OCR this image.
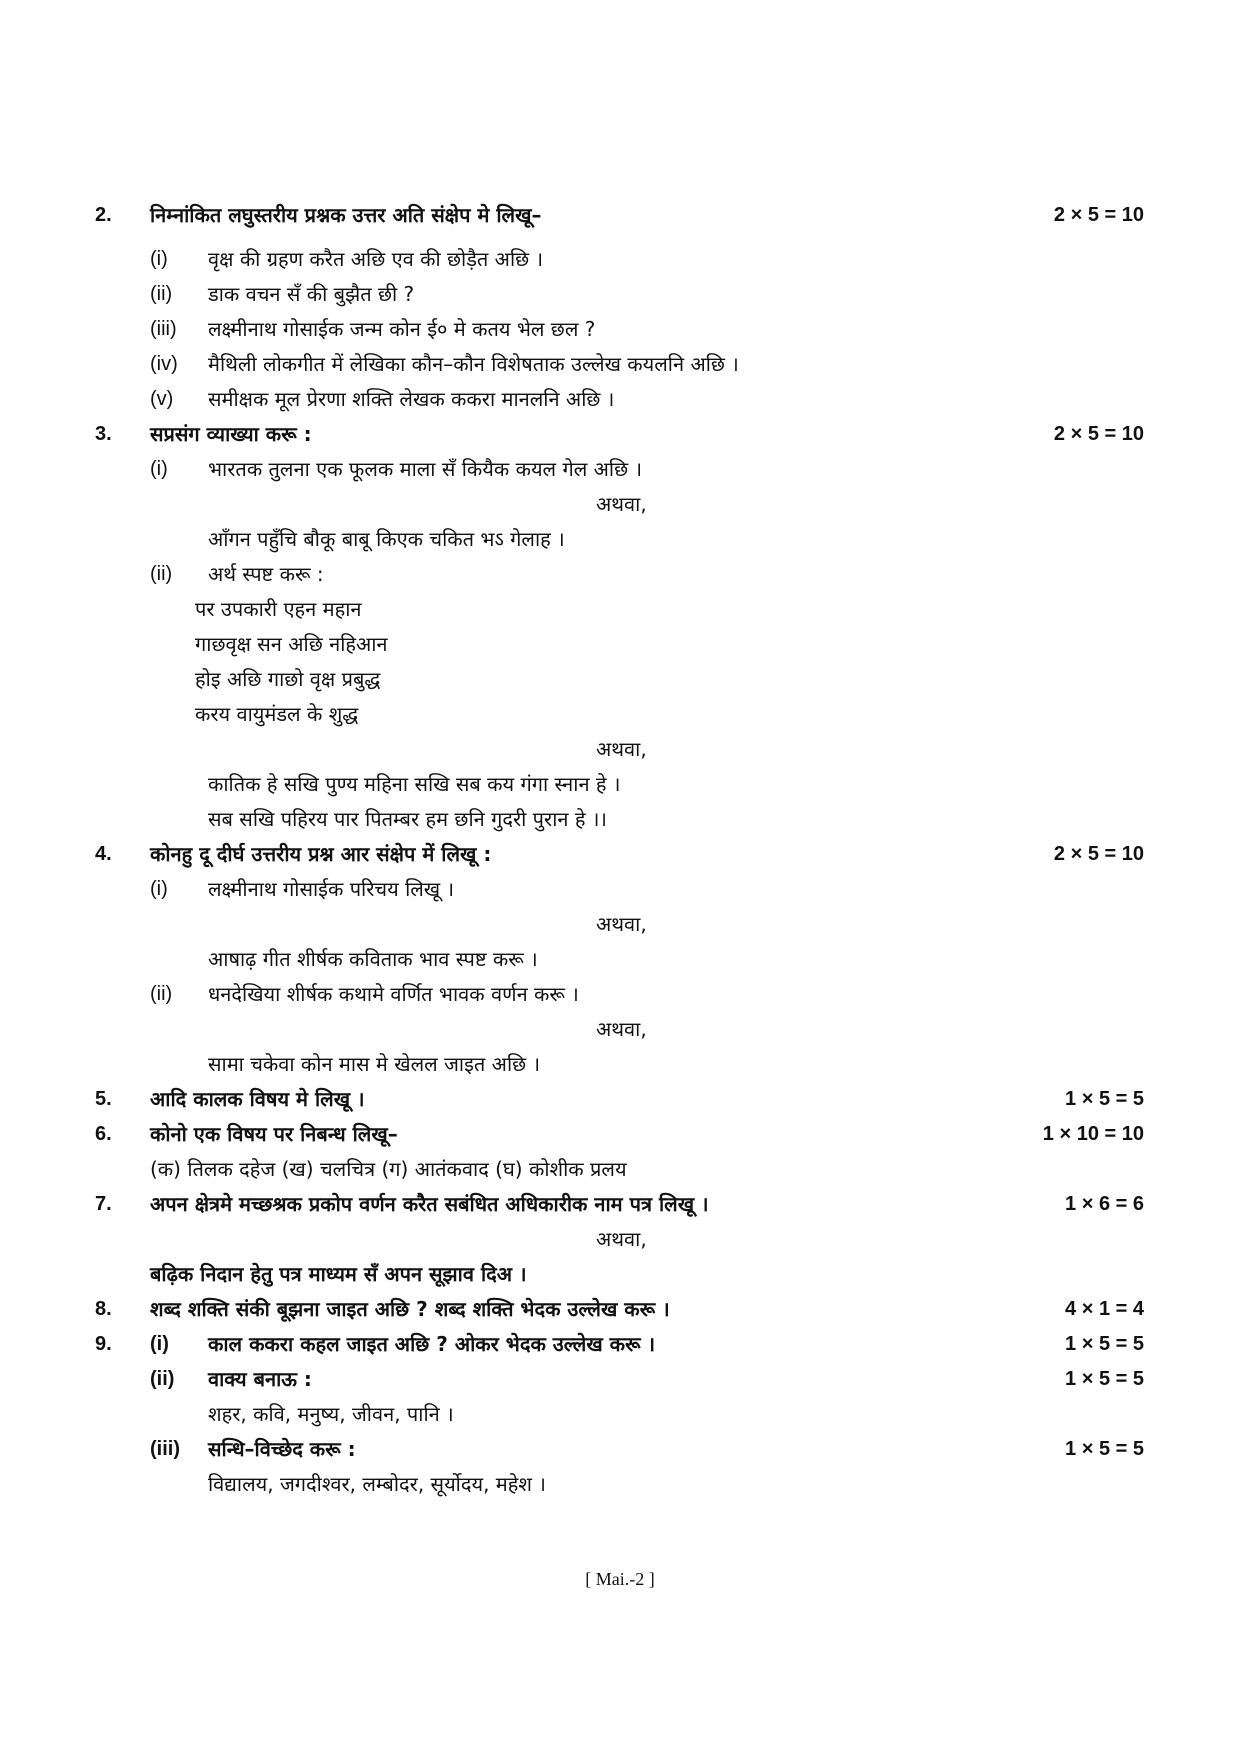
2. निम्नांकित लघुस्तरीय प्रश्नक उत्तर अति संक्षेप मे लिखू–	2 × 5 = 10
(i) वृक्ष की ग्रहण करैत अछि एव की छोड़ैत अछि ।
(ii) डाक वचन सँ की बुझैत छी ?
(iii) लक्ष्मीनाथ गोसाईक जन्म कोन ई० मे कतय भेल छल ?
(iv) मैथिली लोकगीत में लेखिका कौन–कौन विशेषताक उल्लेख कयलनि अछि ।
(v) समीक्षक मूल प्रेरणा शक्ति लेखक ककरा मानलनि अछि ।
3. सप्रसंग व्याख्या करू :	2 × 5 = 10
(i) भारतक तुलना एक फूलक माला सँ कियैक कयल गेल अछि ।
अथवा,
आँगन पहुँचि बौकू बाबू किएक चकित भऽ गेलाह ।
(ii) अर्थ स्पष्ट करू :
पर उपकारी एहन महान
गाछवृक्ष सन अछि नहिआन
होइ अछि गाछो वृक्ष प्रबुद्ध
करय वायुमंडल के शुद्ध
अथवा,
कातिक हे सखि पुण्य महिना सखि सब कय गंगा स्नान हे ।
सब सखि पहिरय पार पितम्बर हम छनि गुदरी पुरान हे ।।
4. कोनहु दू दीर्घ उत्तरीय प्रश्न आर संक्षेप में लिखू :	2 × 5 = 10
(i) लक्ष्मीनाथ गोसाईक परिचय लिखू ।
अथवा,
आषाढ़ गीत शीर्षक कविताक भाव स्पष्ट करू ।
(ii) धनदेखिया शीर्षक कथामे वर्णित भावक वर्णन करू ।
अथवा,
सामा चकेवा कोन मास मे खेलल जाइत अछि ।
5. आदि कालक विषय मे लिखू ।	1 × 5 = 5
6. कोनो एक विषय पर निबन्ध लिखू–	1 × 10 = 10
(क) तिलक दहेज (ख) चलचित्र (ग) आतंकवाद (घ) कोशीक प्रलय
7. अपन क्षेत्रमे मच्छश्रक प्रकोप वर्णन करैत सबंधित अधिकारीक नाम पत्र लिखू ।	1 × 6 = 6
अथवा,
बढ़िक निदान हेतु पत्र माध्यम सँ अपन सूझाव दिअ ।
8. शब्द शक्ति संकी बूझना जाइत अछि ? शब्द शक्ति भेदक उल्लेख करू ।	4 × 1 = 4
9. (i) काल ककरा कहल जाइत अछि ? ओकर भेदक उल्लेख करू ।	1 × 5 = 5
(ii) वाक्य बनाऊ :	1 × 5 = 5
शहर, कवि, मनुष्य, जीवन, पानि ।
(iii) सन्धि–विच्छेद करू :	1 × 5 = 5
विद्यालय, जगदीश्वर, लम्बोदर, सूर्योदय, महेश ।
[ Mai.-2 ]
